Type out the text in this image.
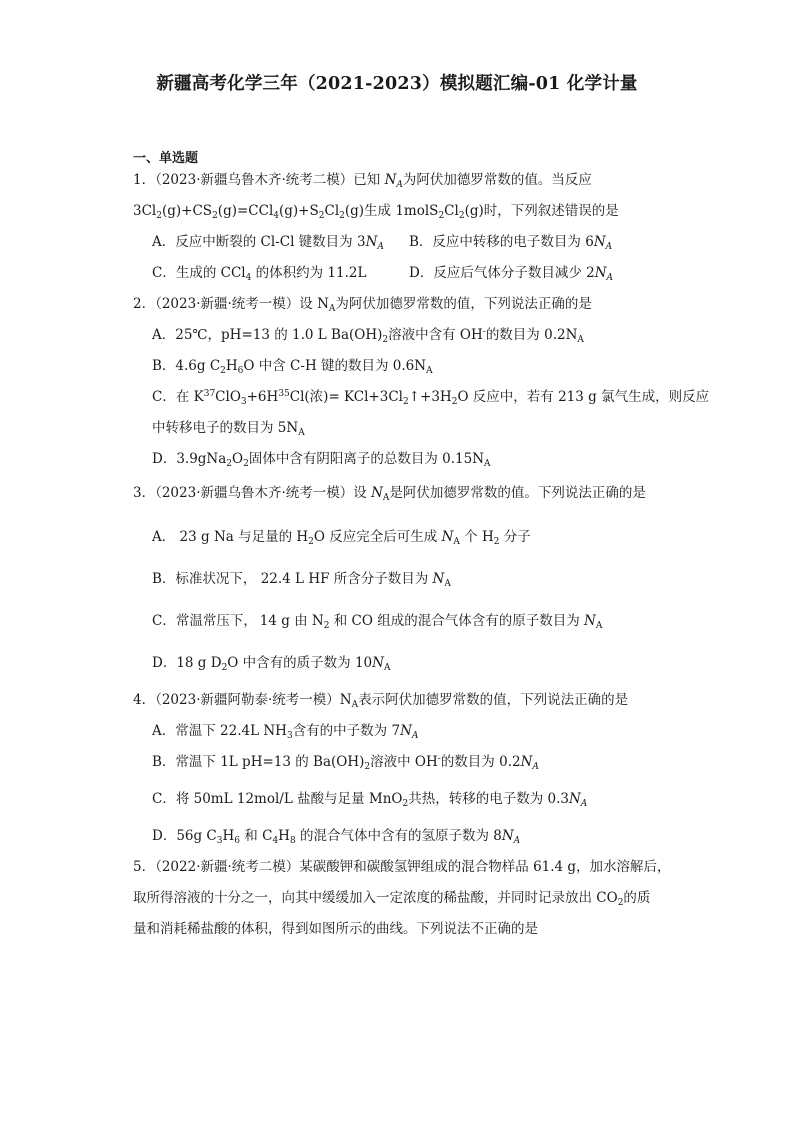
新疆高考化学三年（2021-2023）模拟题汇编-01 化学计量
一、单选题
1．（2023·新疆乌鲁木齐·统考二模）已知 $N_A$为阿伏加德罗常数的值。当反应
$3Cl_2(g)+CS_2(g)=CCl_4(g)+S_2Cl_2(g)$生成 $1molS_2Cl_2(g)$时，下列叙述错误的是
A．反应中断裂的 Cl-Cl 键数目为 $3N_A$ B．反应中转移的电子数目为 $6N_A$
C．生成的 CCl$_4$ 的体积约为 11.2L	D．反应后气体分子数目减少 $2N_A$
2．（2023·新疆·统考一模）设 $N_A$为阿伏加德罗常数的值，下列说法正确的是
A．25℃，pH=13 的 1.0 L $Ba(OH)_2$溶液中含有 OH-的数目为 $0.2N_A$
B．4.6g $C_2H_6O$ 中含 C-H 键的数目为 $0.6N_A$
C．在 $K^{37}ClO_3+6H^{35}Cl$(浓)= $KCl+3Cl_2↑+3H_2O$ 反应中，若有 213 g 氯气生成，则反应
中转移电子的数目为 $5N_A$
D．$3.9gNa_2O_2$固体中含有阴阳离子的总数目为 $0.15N_A$
3．（2023·新疆乌鲁木齐·统考一模）设 $N_A$是阿伏加德罗常数的值。下列说法正确的是
A． 23 g Na 与足量的 $H_2O$ 反应完全后可生成 $N_A$ 个 $H_2$ 分子
B．标准状况下， 22.4 L HF 所含分子数目为 $N_A$
C．常温常压下， 14 g 由 $N_2$ 和 CO 组成的混合气体含有的原子数目为 $N_A$
D．18 g $D_2O$ 中含有的质子数为 $10N_A$
4．（2023·新疆阿勒泰·统考一模）$N_A$表示阿伏加德罗常数的值，下列说法正确的是
A．常温下 22.4L $NH_3$含有的中子数为 $7N_A$
B．常温下 1L pH=13 的 $Ba(OH)_2$溶液中 OH-的数目为 $0.2N_A$
C．将 50mL 12mol/L 盐酸与足量 MnO$_2$共热，转移的电子数为 $0.3N_A$
D．56g $C_3H_6$ 和 $C_4H_8$ 的混合气体中含有的氢原子数为 $8N_A$
5．（2022·新疆·统考二模）某碳酸钾和碳酸氢钾组成的混合物样品 61.4 g，加水溶解后，
取所得溶液的十分之一，向其中缓缓加入一定浓度的稀盐酸，并同时记录放出 $CO_2$的质
量和消耗稀盐酸的体积，得到如图所示的曲线。下列说法不正确的是
